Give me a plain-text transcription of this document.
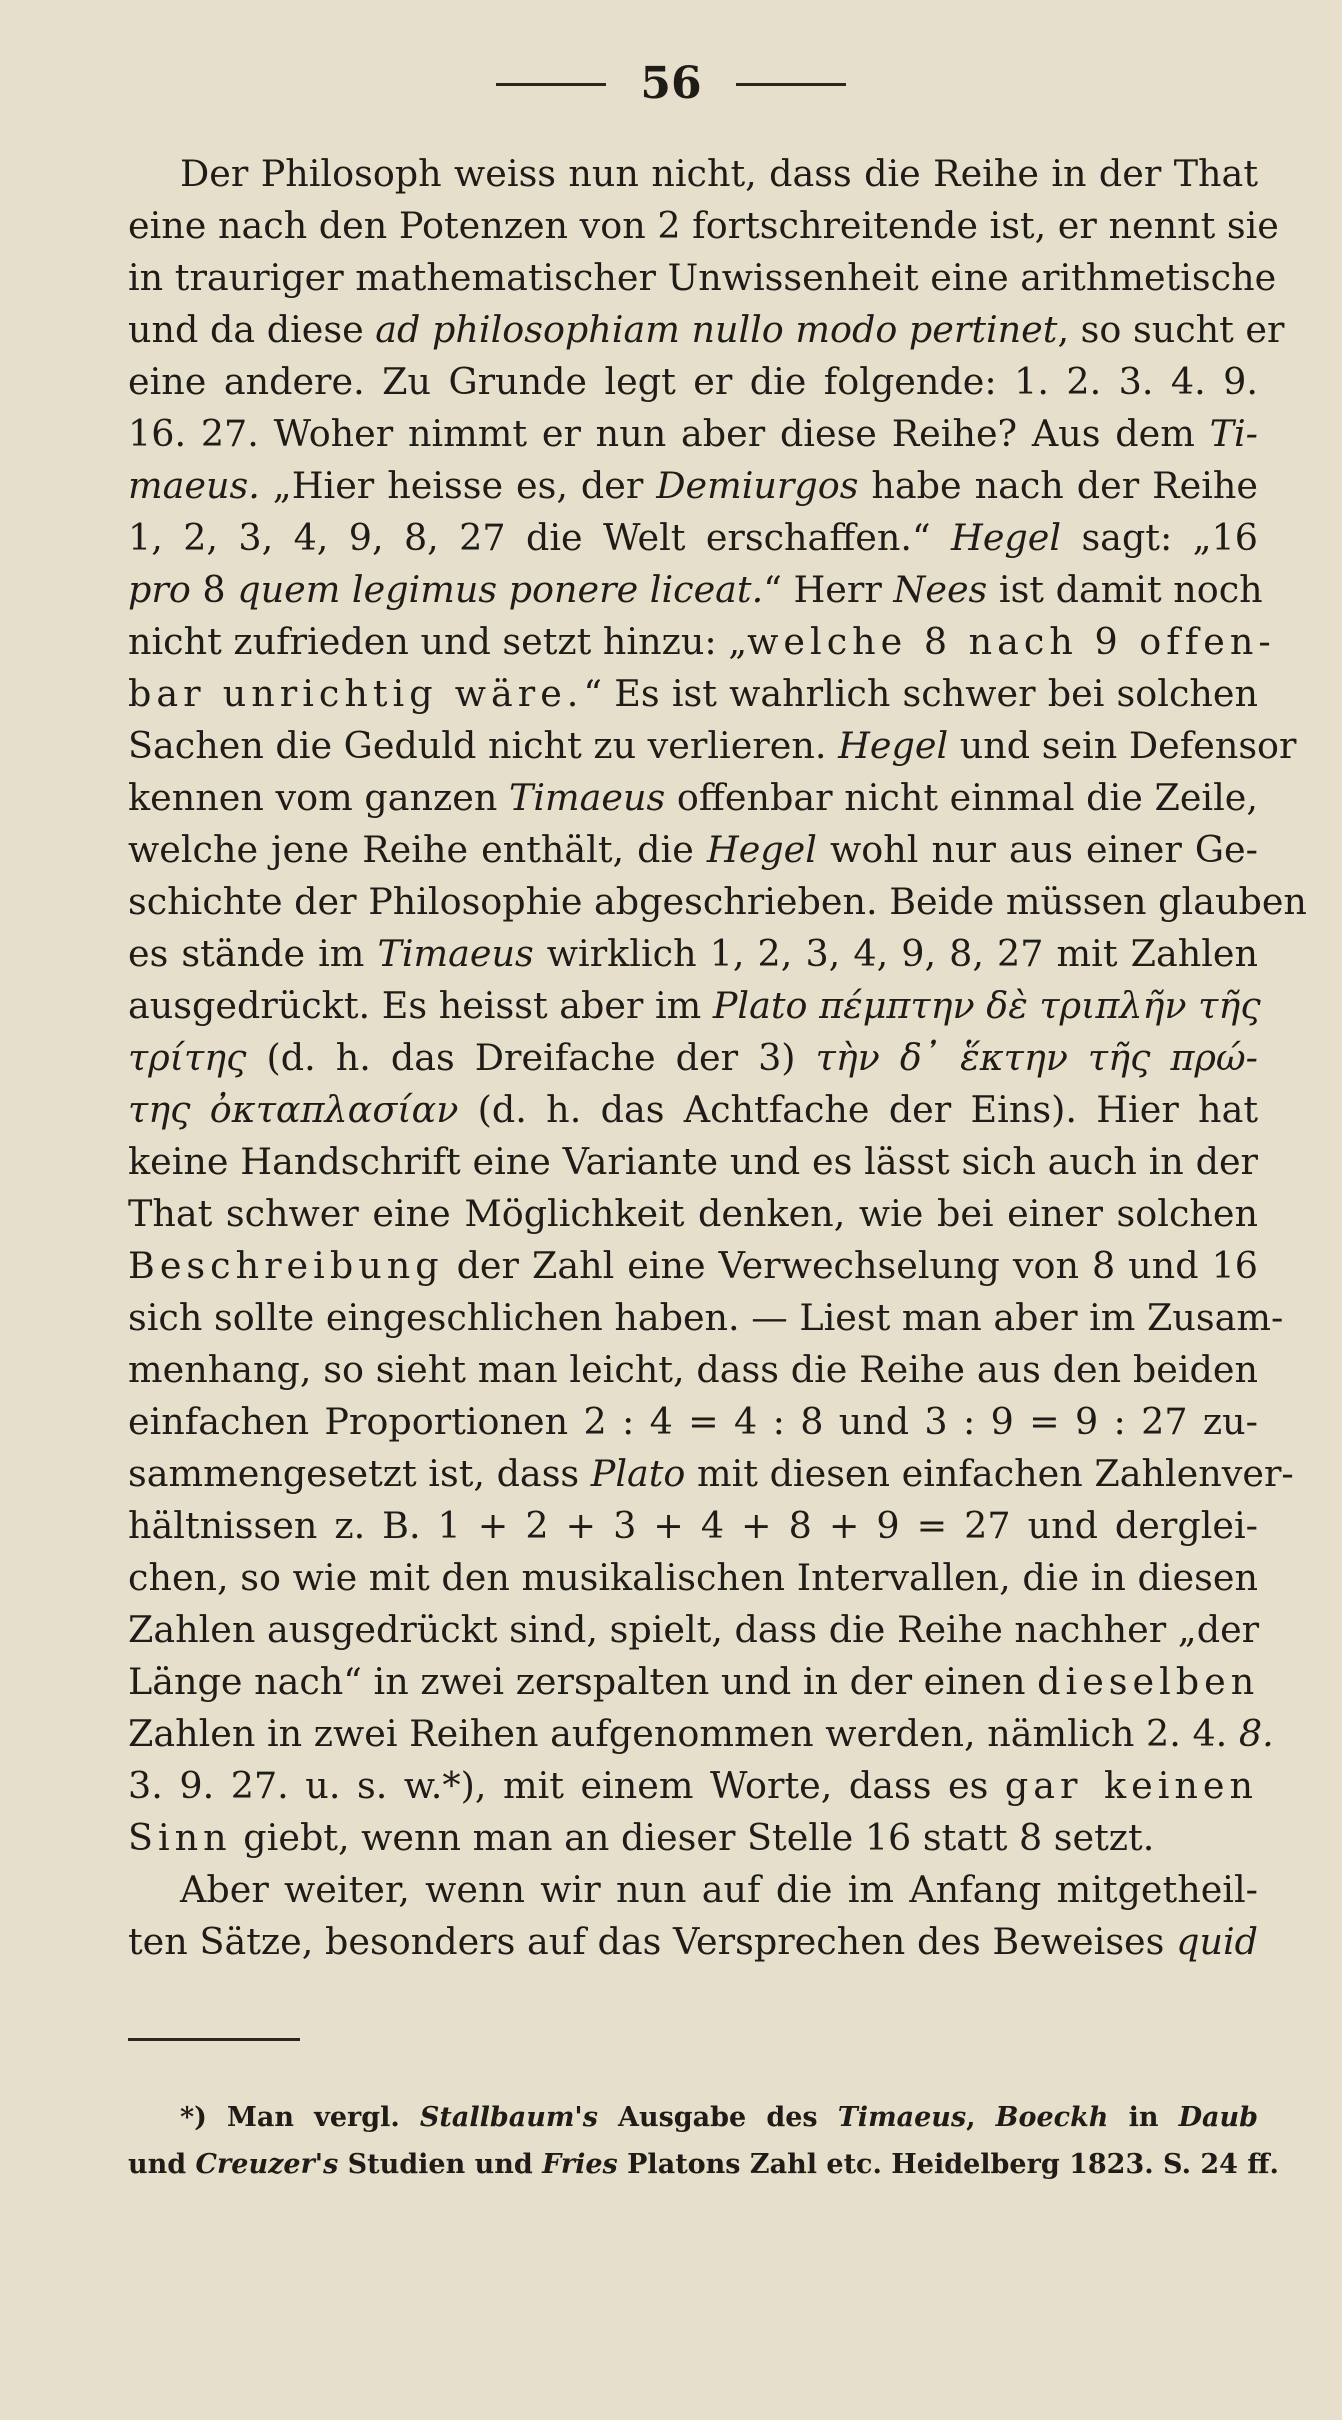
56
Der Philosoph weiss nun nicht, dass die Reihe in der That
eine nach den Potenzen von 2 fortschreitende ist, er nennt sie
in trauriger mathematischer Unwissenheit eine arithmetische
und da diese ad philosophiam nullo modo pertinet, so sucht er
eine andere. Zu Grunde legt er die folgende: 1. 2. 3. 4. 9.
16. 27. Woher nimmt er nun aber diese Reihe? Aus dem Ti-
maeus. „Hier heisse es, der Demiurgos habe nach der Reihe
1, 2, 3, 4, 9, 8, 27 die Welt erschaffen.“ Hegel sagt: „16
pro 8 quem legimus ponere liceat.“ Herr Nees ist damit noch
nicht zufrieden und setzt hinzu: „welche 8 nach 9 offen-
bar unrichtig wäre.“ Es ist wahrlich schwer bei solchen
Sachen die Geduld nicht zu verlieren. Hegel und sein Defensor
kennen vom ganzen Timaeus offenbar nicht einmal die Zeile,
welche jene Reihe enthält, die Hegel wohl nur aus einer Ge-
schichte der Philosophie abgeschrieben. Beide müssen glauben
es stände im Timaeus wirklich 1, 2, 3, 4, 9, 8, 27 mit Zahlen
ausgedrückt. Es heisst aber im Plato πέμπτην δὲ τριπλῆν τῆς
τρίτης (d. h. das Dreifache der 3) τὴν δ᾽ ἕκτην τῆς πρώ-
της ὀκταπλασίαν (d. h. das Achtfache der Eins). Hier hat
keine Handschrift eine Variante und es lässt sich auch in der
That schwer eine Möglichkeit denken, wie bei einer solchen
Beschreibung der Zahl eine Verwechselung von 8 und 16
sich sollte eingeschlichen haben. — Liest man aber im Zusam-
menhang, so sieht man leicht, dass die Reihe aus den beiden
einfachen Proportionen 2 : 4 = 4 : 8 und 3 : 9 = 9 : 27 zu-
sammengesetzt ist, dass Plato mit diesen einfachen Zahlenver-
hältnissen z. B. 1 + 2 + 3 + 4 + 8 + 9 = 27 und derglei-
chen, so wie mit den musikalischen Intervallen, die in diesen
Zahlen ausgedrückt sind, spielt, dass die Reihe nachher „der
Länge nach“ in zwei zerspalten und in der einen dieselben
Zahlen in zwei Reihen aufgenommen werden, nämlich 2. 4. 8.
3. 9. 27. u. s. w.*), mit einem Worte, dass es gar keinen
Sinn giebt, wenn man an dieser Stelle 16 statt 8 setzt.
Aber weiter, wenn wir nun auf die im Anfang mitgetheil-
ten Sätze, besonders auf das Versprechen des Beweises quid
*) Man vergl. Stallbaum's Ausgabe des Timaeus, Boeckh in Daub
und Creuzer's Studien und Fries Platons Zahl etc. Heidelberg 1823. S. 24 ff.
